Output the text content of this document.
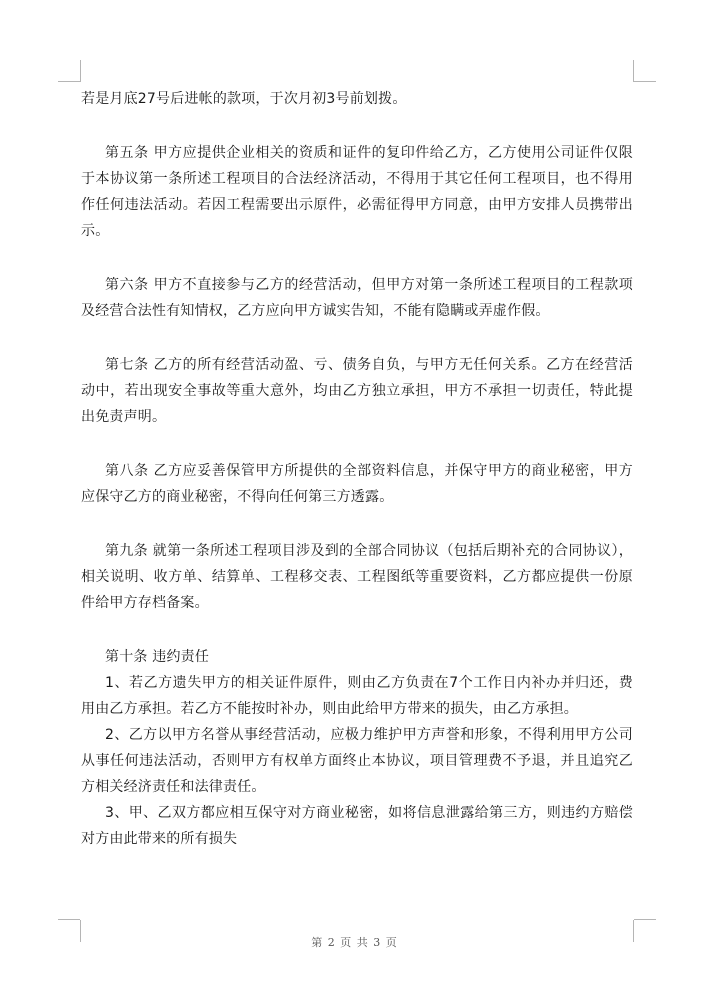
若是月底27号后进帐的款项，于次月初3号前划拨。

第五条 甲方应提供企业相关的资质和证件的复印件给乙方，乙方使用公司证件仅限于本协议第一条所述工程项目的合法经济活动，不得用于其它任何工程项目，也不得用作任何违法活动。若因工程需要出示原件，必需征得甲方同意，由甲方安排人员携带出示。

第六条 甲方不直接参与乙方的经营活动，但甲方对第一条所述工程项目的工程款项及经营合法性有知情权，乙方应向甲方诚实告知，不能有隐瞒或弄虚作假。

第七条 乙方的所有经营活动盈、亏、债务自负，与甲方无任何关系。乙方在经营活动中，若出现安全事故等重大意外，均由乙方独立承担，甲方不承担一切责任，特此提出免责声明。

第八条 乙方应妥善保管甲方所提供的全部资料信息，并保守甲方的商业秘密，甲方应保守乙方的商业秘密，不得向任何第三方透露。

第九条 就第一条所述工程项目涉及到的全部合同协议（包括后期补充的合同协议），相关说明、收方单、结算单、工程移交表、工程图纸等重要资料，乙方都应提供一份原件给甲方存档备案。

第十条 违约责任

1、若乙方遗失甲方的相关证件原件，则由乙方负责在7个工作日内补办并归还，费用由乙方承担。若乙方不能按时补办，则由此给甲方带来的损失，由乙方承担。

2、乙方以甲方名誉从事经营活动，应极力维护甲方声誉和形象，不得利用甲方公司从事任何违法活动，否则甲方有权单方面终止本协议，项目管理费不予退，并且追究乙方相关经济责任和法律责任。

3、甲、乙双方都应相互保守对方商业秘密，如将信息泄露给第三方，则违约方赔偿对方由此带来的所有损失

第 2 页 共 3 页
